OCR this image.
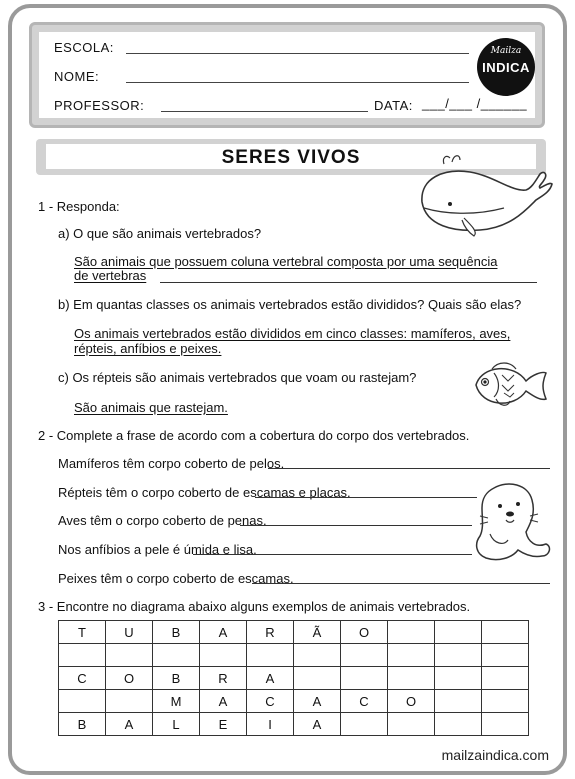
ESCOLA:
NOME:
PROFESSOR:	DATA: ___/___ /______
Mailza
INDICA
SERES VIVOS
1 - Responda:
a) O que são animais vertebrados?
São animais que possuem coluna vertebral composta por uma sequência
de vertebras
b) Em quantas classes os animais vertebrados estão divididos? Quais são elas?
Os animais vertebrados estão divididos em cinco classes: mamíferos, aves,
répteis, anfíbios e peixes.
c) Os répteis são animais vertebrados que voam ou rastejam?
São animais que rastejam.
2 - Complete a frase de acordo com a cobertura do corpo dos vertebrados.
Mamíferos têm corpo coberto de pelos.
Répteis têm o corpo coberto de escamas e placas.
Aves têm o corpo coberto de penas.
Nos anfíbios a pele é úmida e lisa.
Peixes têm o corpo coberto de escamas.
3 - Encontre no diagrama abaixo alguns exemplos de animais vertebrados.
T	U	B	A	R	Ã	O			

C	O	B	R	A					
		M	A	C	A	C	O		
B	A	L	E	I	A				
mailzaindica.com
